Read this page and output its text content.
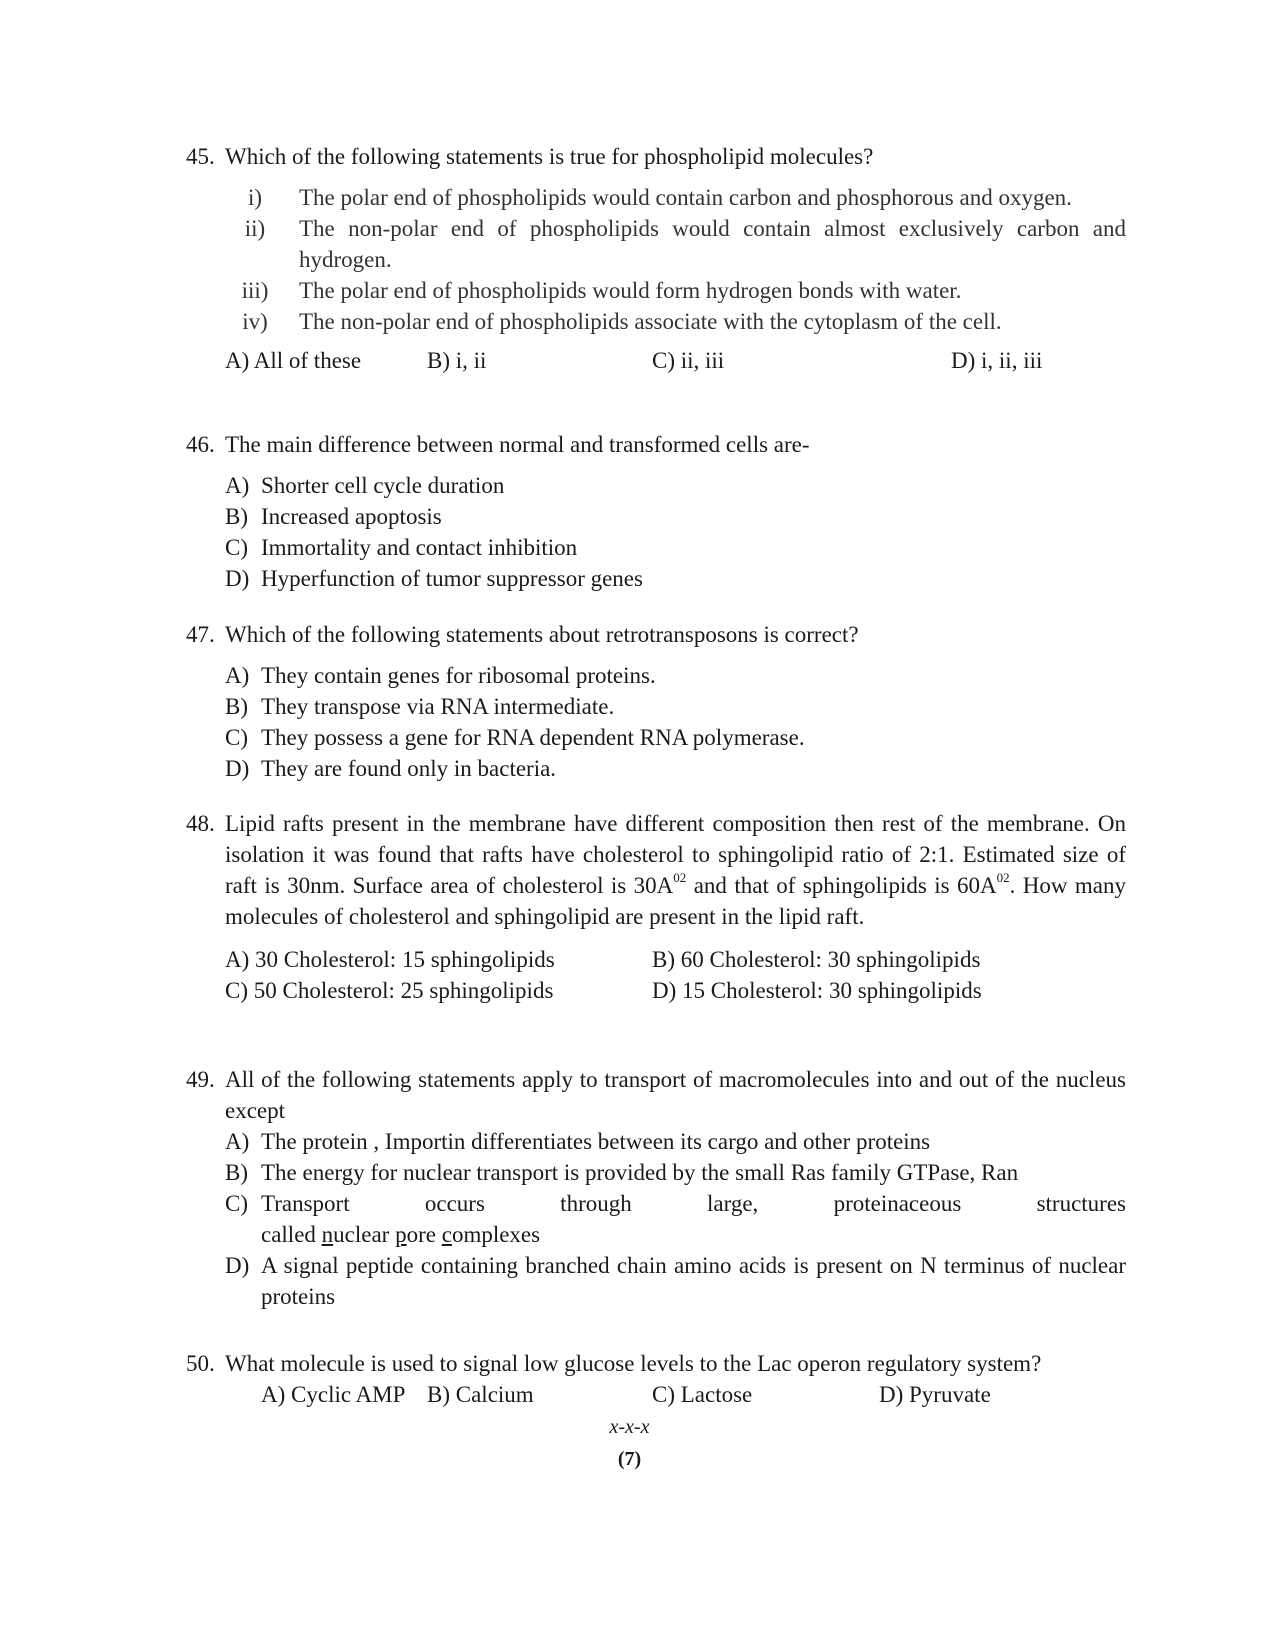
45. Which of the following statements is true for phospholipid molecules?
i)	The polar end of phospholipids would contain carbon and phosphorous and oxygen.
ii)	The non-polar end of phospholipids would contain almost exclusively carbon and hydrogen.
iii)	The polar end of phospholipids would form hydrogen bonds with water.
iv)	The non-polar end of phospholipids associate with the cytoplasm of the cell.
A) All of these	B) i, ii	C) ii, iii	D) i, ii, iii
46. The main difference between normal and transformed cells are-
A) Shorter cell cycle duration
B) Increased apoptosis
C) Immortality and contact inhibition
D) Hyperfunction of tumor suppressor genes
47. Which of the following statements about retrotransposons is correct?
A) They contain genes for ribosomal proteins.
B) They transpose via RNA intermediate.
C) They possess a gene for RNA dependent RNA polymerase.
D) They are found only in bacteria.
48. Lipid rafts present in the membrane have different composition then rest of the membrane. On isolation it was found that rafts have cholesterol to sphingolipid ratio of 2:1. Estimated size of raft is 30nm. Surface area of cholesterol is $30A^{02}$ and that of sphingolipids is $60A^{02}$. How many molecules of cholesterol and sphingolipid are present in the lipid raft.
A) 30 Cholesterol: 15 sphingolipids	B) 60 Cholesterol: 30 sphingolipids
C) 50 Cholesterol: 25 sphingolipids	D) 15 Cholesterol: 30 sphingolipids
49. All of the following statements apply to transport of macromolecules into and out of the nucleus except
A) The protein , Importin differentiates between its cargo and other proteins
B) The energy for nuclear transport is provided by the small Ras family GTPase, Ran
C) Transport occurs through large, proteinaceous structures
called nuclear pore complexes
D) A signal peptide containing branched chain amino acids is present on N terminus of nuclear proteins
50. What molecule is used to signal low glucose levels to the Lac operon regulatory system?
A) Cyclic AMP B) Calcium	C) Lactose	D) Pyruvate
x-x-x
(7)
